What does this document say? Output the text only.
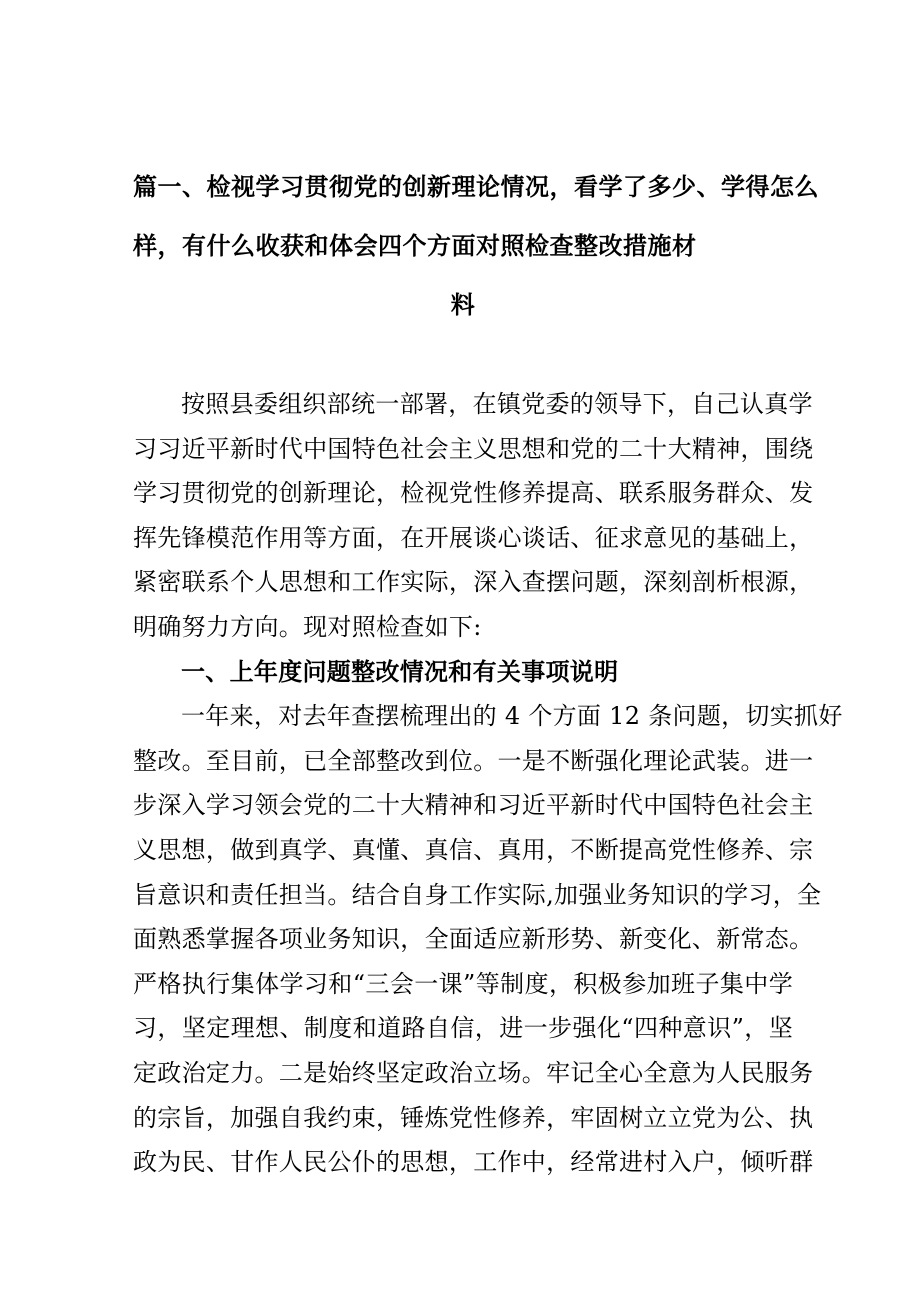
篇一、检视学习贯彻党的创新理论情况，看学了多少、学得怎么
样，有什么收获和体会四个方面对照检查整改措施材
料
按照县委组织部统一部署，在镇党委的领导下，自己认真学
习习近平新时代中国特色社会主义思想和党的二十大精神，围绕
学习贯彻党的创新理论，检视党性修养提高、联系服务群众、发
挥先锋模范作用等方面，在开展谈心谈话、征求意见的基础上，
紧密联系个人思想和工作实际，深入查摆问题，深刻剖析根源，
明确努力方向。现对照检查如下:
一、上年度问题整改情况和有关事项说明
一年来，对去年查摆梳理出的 4 个方面 12 条问题，切实抓好
整改。至目前，已全部整改到位。一是不断强化理论武装。进一
步深入学习领会党的二十大精神和习近平新时代中国特色社会主
义思想，做到真学、真懂、真信、真用，不断提高党性修养、宗
旨意识和责任担当。结合自身工作实际,加强业务知识的学习，全
面熟悉掌握各项业务知识，全面适应新形势、新变化、新常态。
严格执行集体学习和“三会一课”等制度，积极参加班子集中学
习，坚定理想、制度和道路自信，进一步强化“四种意识”，坚
定政治定力。二是始终坚定政治立场。牢记全心全意为人民服务
的宗旨，加强自我约束，锤炼党性修养，牢固树立立党为公、执
政为民、甘作人民公仆的思想，工作中，经常进村入户，倾听群
